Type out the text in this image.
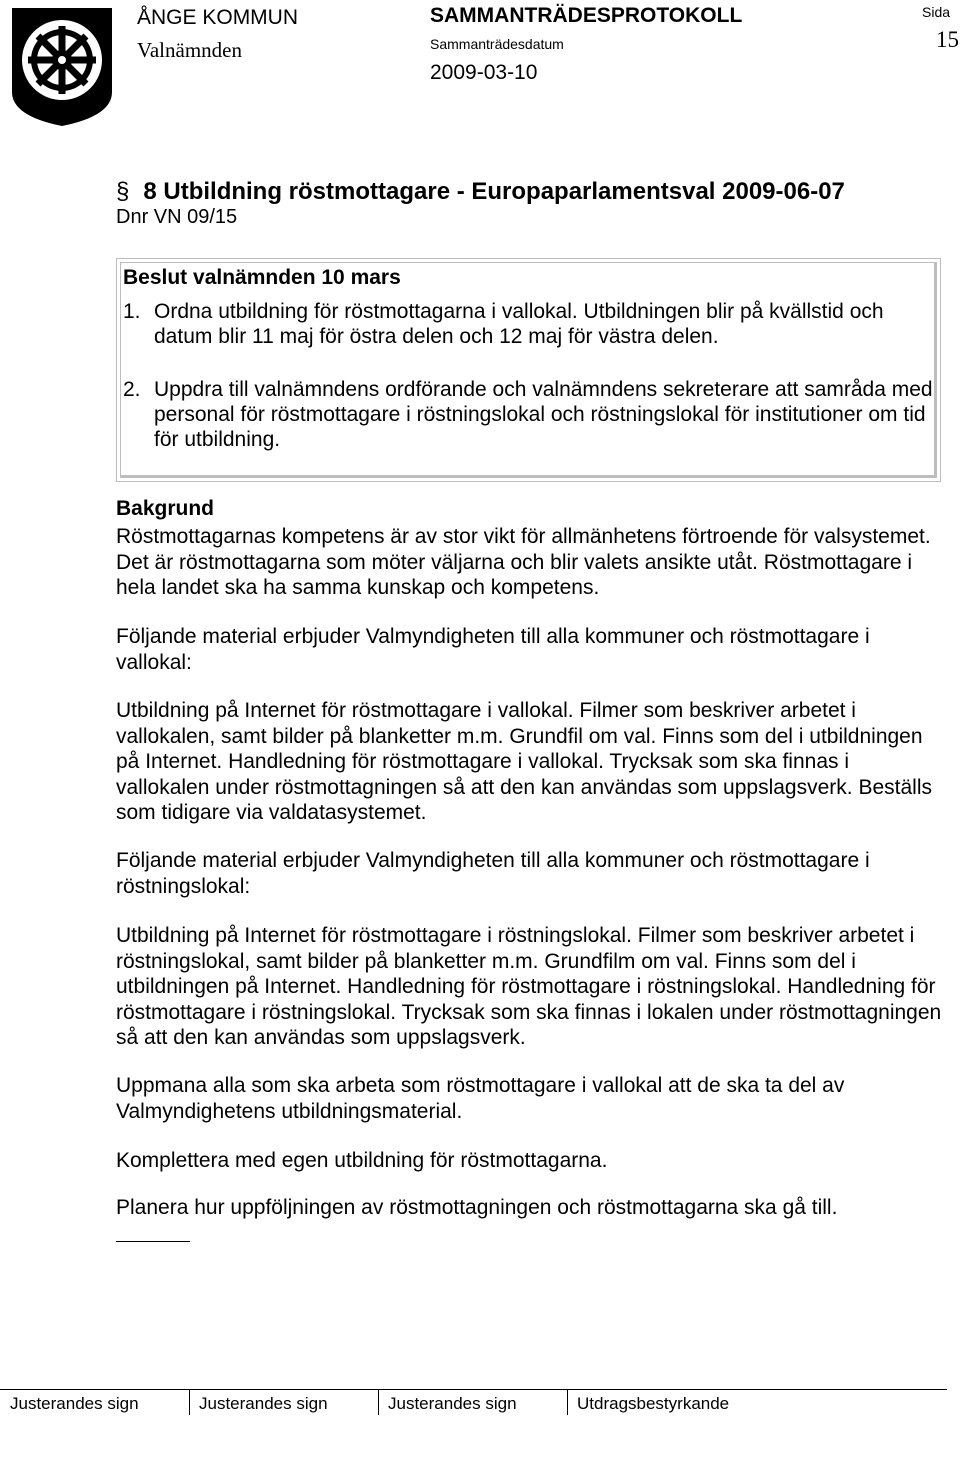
ÅNGE KOMMUN
Valnämnden
SAMMANTRÄDESPROTOKOLL
Sammanträdesdatum
2009-03-10
Sida
15
§ 8 Utbildning röstmottagare - Europaparlamentsval 2009-06-07
Dnr VN 09/15
Beslut valnämnden 10 mars
1. Ordna utbildning för röstmottagarna i vallokal. Utbildningen blir på kvällstid och datum blir 11 maj för östra delen och 12 maj för västra delen.
2. Uppdra till valnämndens ordförande och valnämndens sekreterare att samråda med personal för röstmottagare i röstningslokal och röstningslokal för institutioner om tid för utbildning.
Bakgrund
Röstmottagarnas kompetens är av stor vikt för allmänhetens förtroende för valsystemet. Det är röstmottagarna som möter väljarna och blir valets ansikte utåt. Röstmottagare i hela landet ska ha samma kunskap och kompetens.
Följande material erbjuder Valmyndigheten till alla kommuner och röstmottagare i vallokal:
Utbildning på Internet för röstmottagare i vallokal. Filmer som beskriver arbetet i vallokalen, samt bilder på blanketter m.m. Grundfil om val. Finns som del i utbildningen på Internet. Handledning för röstmottagare i vallokal. Trycksak som ska finnas i vallokalen under röstmottagningen så att den kan användas som uppslagsverk. Beställs som tidigare via valdatasystemet.
Följande material erbjuder Valmyndigheten till alla kommuner och röstmottagare i röstningslokal:
Utbildning på Internet för röstmottagare i röstningslokal. Filmer som beskriver arbetet i röstningslokal, samt bilder på blanketter m.m. Grundfilm om val. Finns som del i utbildningen på Internet. Handledning för röstmottagare i röstningslokal. Handledning för röstmottagare i röstningslokal. Trycksak som ska finnas i lokalen under röstmottagningen så att den kan användas som uppslagsverk.
Uppmana alla som ska arbeta som röstmottagare i vallokal att de ska ta del av Valmyndighetens utbildningsmaterial.
Komplettera med egen utbildning för röstmottagarna.
Planera hur uppföljningen av röstmottagningen och röstmottagarna ska gå till.
Justerandes sign	Justerandes sign	Justerandes sign	Utdragsbestyrkande
